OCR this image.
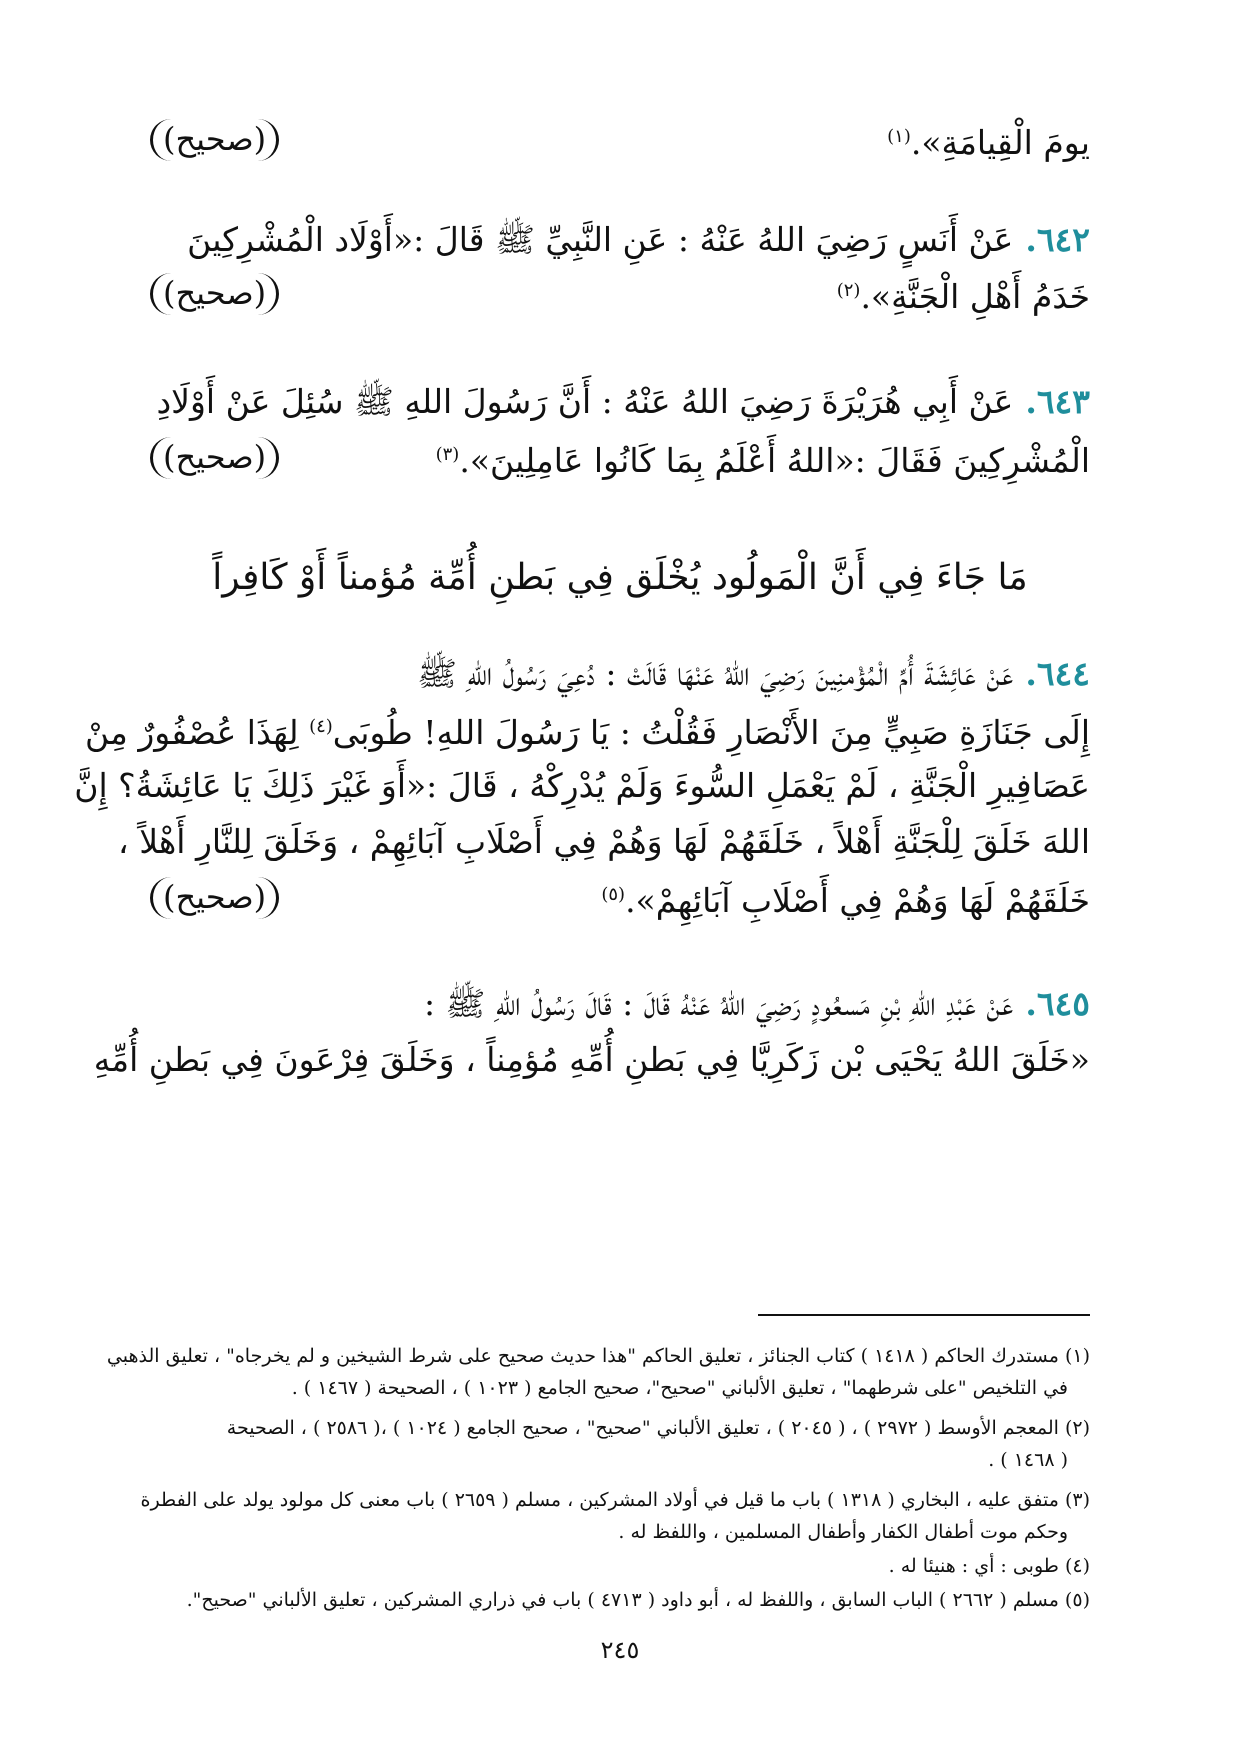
يومَ الْقِيامَةِ».$^{(١)}$
(صحيح)
٦٤٢.عَنْ أَنَسٍ رَضِيَ اللهُ عَنْهُ : عَنِ النَّبِيِّ ﷺ قَالَ :«أَوْلَاد الْمُشْرِكِينَ
خَدَمُ أَهْلِ الْجَنَّةِ».$^{(٢)}$
(صحيح)
٦٤٣.عَنْ أَبِي هُرَيْرَةَ رَضِيَ اللهُ عَنْهُ : أَنَّ رَسُولَ اللهِ ﷺ سُئِلَ عَنْ أَوْلَادِ
الْمُشْرِكِينَ فَقَالَ :«اللهُ أَعْلَمُ بِمَا كَانُوا عَامِلِينَ».$^{(٣)}$
(صحيح)
مَا جَاءَ فِي أَنَّ الْمَولُود يُخْلَق فِي بَطنِ أُمِّة مُؤمناً أَوْ كَافِراً
٦٤٤.عَنْ عَائِشَةَ أُمِّ الْمُؤْمنِينَ رَضِيَ اللهُ عَنْهَا قَالَتْ : دُعِيَ رَسُولُ اللهِ ﷺ
إِلَى جَنَازَةِ صَبِيٍّ مِنَ الأَنْصَارِ فَقُلْتُ : يَا رَسُولَ اللهِ! طُوبَى$^{(٤)}$ لِهَذَا عُصْفُورٌ مِنْ
عَصَافِيرِ الْجَنَّةِ ، لَمْ يَعْمَلِ السُّوءَ وَلَمْ يُدْرِكْهُ ، قَالَ :«أَوَ غَيْرَ ذَلِكَ يَا عَائِشَةُ؟ إِنَّ
اللهَ خَلَقَ لِلْجَنَّةِ أَهْلاً ، خَلَقَهُمْ لَهَا وَهُمْ فِي أَصْلَابِ آبَائِهِمْ ، وَخَلَقَ لِلنَّارِ أَهْلاً ،
خَلَقَهُمْ لَهَا وَهُمْ فِي أَصْلَابِ آبَائِهِمْ».$^{(٥)}$
(صحيح)
٦٤٥.عَنْ عَبْدِ اللهِ بْنِ مَسعُودٍ رَضِيَ اللهُ عَنْهُ قَالَ : قَالَ رَسُولُ اللهِ ﷺ :
«خَلَقَ اللهُ يَحْيَى بْن زَكَرِيَّا فِي بَطنِ أُمِّهِ مُؤمِناً ، وَخَلَقَ فِرْعَونَ فِي بَطنِ أُمِّهِ
(١) مستدرك الحاكم ( ١٤١٨ ) كتاب الجنائز ، تعليق الحاكم "هذا حديث صحيح على شرط الشيخين و لم يخرجاه" ، تعليق الذهبي
في التلخيص "على شرطهما" ، تعليق الألباني "صحيح"، صحيح الجامع ( ١٠٢٣ ) ، الصحيحة ( ١٤٦٧ ) .
(٢) المعجم الأوسط ( ٢٩٧٢ ) ، ( ٢٠٤٥ ) ، تعليق الألباني "صحيح" ، صحيح الجامع ( ١٠٢٤ ) ،( ٢٥٨٦ ) ، الصحيحة
( ١٤٦٨ ) .
(٣) متفق عليه ، البخاري ( ١٣١٨ ) باب ما قيل في أولاد المشركين ، مسلم ( ٢٦٥٩ ) باب معنى كل مولود يولد على الفطرة
وحكم موت أطفال الكفار وأطفال المسلمين ، واللفظ له .
(٤) طوبى : أي : هنيئا له .
(٥) مسلم ( ٢٦٦٢ ) الباب السابق ، واللفظ له ، أبو داود ( ٤٧١٣ ) باب في ذراري المشركين ، تعليق الألباني "صحيح".
٢٤٥
